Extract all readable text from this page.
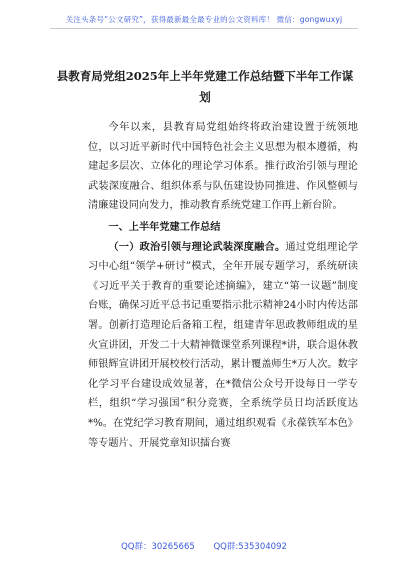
关注头条号“公文研究”，获得最新最全最专业的公文资料库！ 微信：gongwuxyj
县教育局党组2025年上半年党建工作总结暨下半年工作谋划

今年以来，县教育局党组始终将政治建设置于统领地位，以习近平新时代中国特色社会主义思想为根本遵循，构建起多层次、立体化的理论学习体系。推行政治引领与理论武装深度融合、组织体系与队伍建设协同推进、作风整顿与清廉建设同向发力，推动教育系统党建工作再上新台阶。

一、上半年党建工作总结

（一）政治引领与理论武装深度融合。通过党组理论学习中心组“领学+研讨”模式，全年开展专题学习，系统研读《习近平关于教育的重要论述摘编》，建立“第一议题”制度台账，确保习近平总书记重要指示批示精神24小时内传达部署。创新打造理论后备箱工程，组建青年思政教师组成的星火宣讲团，开发二十大精神微课堂系列课程*讲，联合退休教师银辉宣讲团开展校校行活动，累计覆盖师生*万人次。数字化学习平台建设成效显著，在*微信公众号开设每日一学专栏，组织“学习强国”积分竞赛，全系统学员日均活跃度达*%。在党纪学习教育期间，通过组织观看《永葆铁军本色》等专题片、开展党章知识擂台赛

QQ群：30265665 QQ群:535304092
